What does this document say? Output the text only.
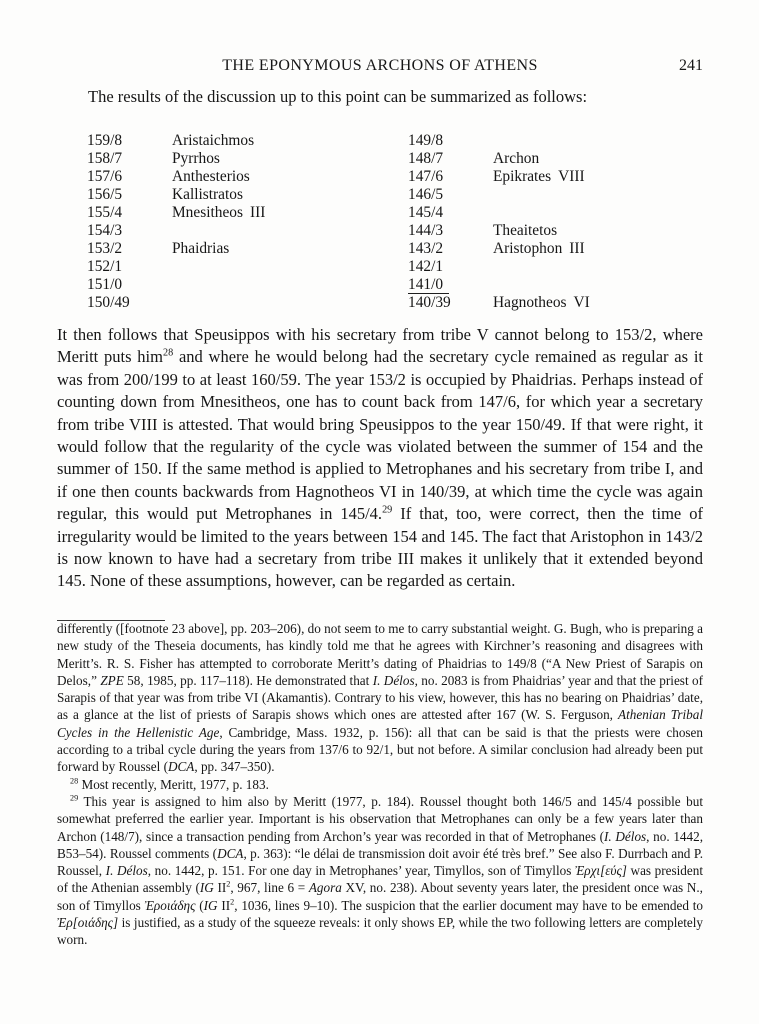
THE EPONYMOUS ARCHONS OF ATHENS	241

The results of the discussion up to this point can be summarized as follows:

159/8	Aristaichmos
158/7	Pyrrhos
157/6	Anthesterios
156/5	Kallistratos
155/4	Mnesitheos III
154/3
153/2	Phaidrias
152/1
151/0
150/49
149/8
148/7	Archon
147/6	Epikrates VIII
146/5
145/4
144/3	Theaitetos
143/2	Aristophon III
142/1
141/0
140/39	Hagnotheos VI

It then follows that Speusippos with his secretary from tribe V cannot belong to 153/2, where Meritt puts him$^{28}$ and where he would belong had the secretary cycle remained as regular as it was from 200/199 to at least 160/59. The year 153/2 is occupied by Phaidrias. Perhaps instead of counting down from Mnesitheos, one has to count back from 147/6, for which year a secretary from tribe VIII is attested. That would bring Speusippos to the year 150/49. If that were right, it would follow that the regularity of the cycle was violated between the summer of 154 and the summer of 150. If the same method is applied to Metrophanes and his secretary from tribe I, and if one then counts backwards from Hagnotheos VI in 140/39, at which time the cycle was again regular, this would put Metrophanes in 145/4.29 If that, too, were correct, then the time of irregularity would be limited to the years between 154 and 145. The fact that Aristophon in 143/2 is now known to have had a secretary from tribe III makes it unlikely that it extended beyond 145. None of these assumptions, however, can be regarded as certain.

differently ([footnote 23 above], pp. 203–206), do not seem to me to carry substantial weight. G. Bugh, who is preparing a new study of the Theseia documents, has kindly told me that he agrees with Kirchner’s reasoning and disagrees with Meritt’s. R. S. Fisher has attempted to corroborate Meritt’s dating of Phaidrias to 149/8 (“A New Priest of Sarapis on Delos,” ZPE 58, 1985, pp. 117–118). He demonstrated that I. Délos, no. 2083 is from Phaidrias’ year and that the priest of Sarapis of that year was from tribe VI (Akamantis). Contrary to his view, however, this has no bearing on Phaidrias’ date, as a glance at the list of priests of Sarapis shows which ones are attested after 167 (W. S. Ferguson, Athenian Tribal Cycles in the Hellenistic Age, Cambridge, Mass. 1932, p. 156): all that can be said is that the priests were chosen according to a tribal cycle during the years from 137/6 to 92/1, but not before. A similar conclusion had already been put forward by Roussel (DCA, pp. 347–350).

$^{28}$ Most recently, Meritt, 1977, p. 183.

$^{29}$ This year is assigned to him also by Meritt (1977, p. 184). Roussel thought both 146/5 and 145/4 possible but somewhat preferred the earlier year. Important is his observation that Metrophanes can only be a few years later than Archon (148/7), since a transaction pending from Archon’s year was recorded in that of Metrophanes (I. Délos, no. 1442, B53–54). Roussel comments (DCA, p. 363): “le délai de transmission doit avoir été très bref.” See also F. Durrbach and P. Roussel, I. Délos, no. 1442, p. 151. For one day in Metrophanes’ year, Timyllos, son of Timyllos Ἐρχι[εύς] was president of the Athenian assembly (IG $II^2$, 967, line 6 = Agora XV, no. 238). About seventy years later, the president once was N., son of Timyllos Ἐροιάδης (IG $II^2$, 1036, lines 9–10). The suspicion that the earlier document may have to be emended to Ἐρ[οιάδης] is justified, as a study of the squeeze reveals: it only shows EP, while the two following letters are completely worn.
